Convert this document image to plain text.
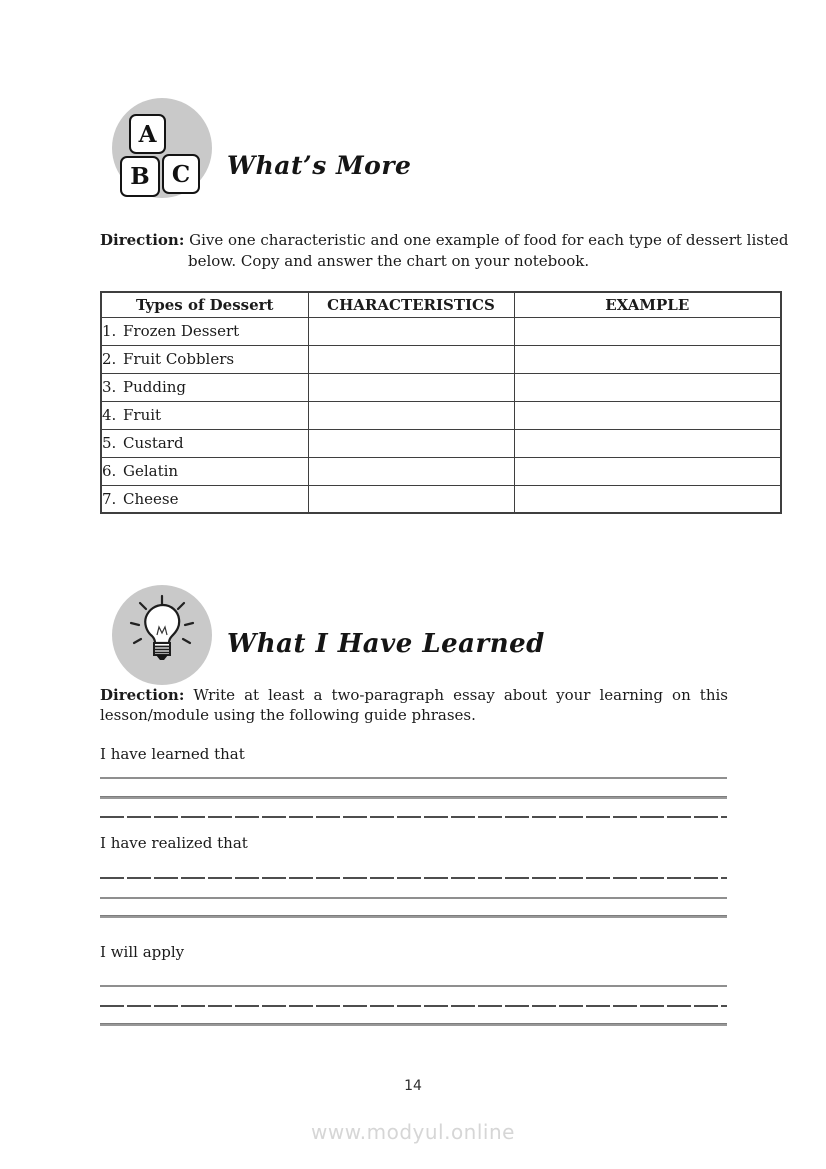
A
B C What’s More

Direction: Give one characteristic and one example of food for each type of dessert listed below. Copy and answer the chart on your notebook.

Types of Dessert	CHARACTERISTICS	EXAMPLE
1. Frozen Dessert		
2. Fruit Cobblers		
3. Pudding		
4. Fruit		
5. Custard		
6. Gelatin		
7. Cheese		
What I Have Learned

Direction: Write at least a two-paragraph essay about your learning on this lesson/module using the following guide phrases.

I have learned that

I have realized that

I will apply

14
www.modyul.online
